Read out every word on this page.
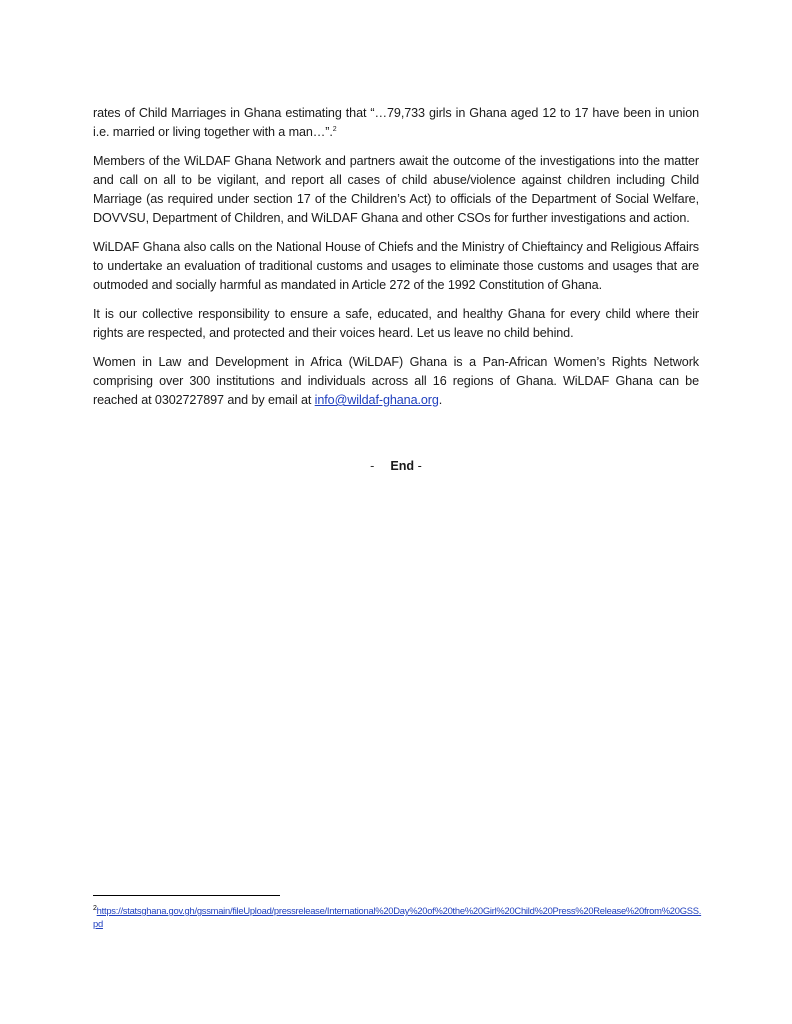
rates of Child Marriages in Ghana estimating that “…79,733 girls in Ghana aged 12 to 17 have been in union i.e. married or living together with a man…”.$^2$

Members of the WiLDAF Ghana Network and partners await the outcome of the investigations into the matter and call on all to be vigilant, and report all cases of child abuse/violence against children including Child Marriage (as required under section 17 of the Children’s Act) to officials of the Department of Social Welfare, DOVVSU, Department of Children, and WiLDAF Ghana and other CSOs for further investigations and action.

WiLDAF Ghana also calls on the National House of Chiefs and the Ministry of Chieftaincy and Religious Affairs to undertake an evaluation of traditional customs and usages to eliminate those customs and usages that are outmoded and socially harmful as mandated in Article 272 of the 1992 Constitution of Ghana.

It is our collective responsibility to ensure a safe, educated, and healthy Ghana for every child where their rights are respected, and protected and their voices heard. Let us leave no child behind.

Women in Law and Development in Africa (WiLDAF) Ghana is a Pan-African Women’s Rights Network comprising over 300 institutions and individuals across all 16 regions of Ghana. WiLDAF Ghana can be reached at 0302727897 and by email at info@wildaf-ghana.org.

- End -
$^2$https://statsghana.gov.gh/gssmain/fileUpload/pressrelease/International%20Day%20of%20the%20Girl%20Child%20Press%20Release%20from%20GSS.pd
